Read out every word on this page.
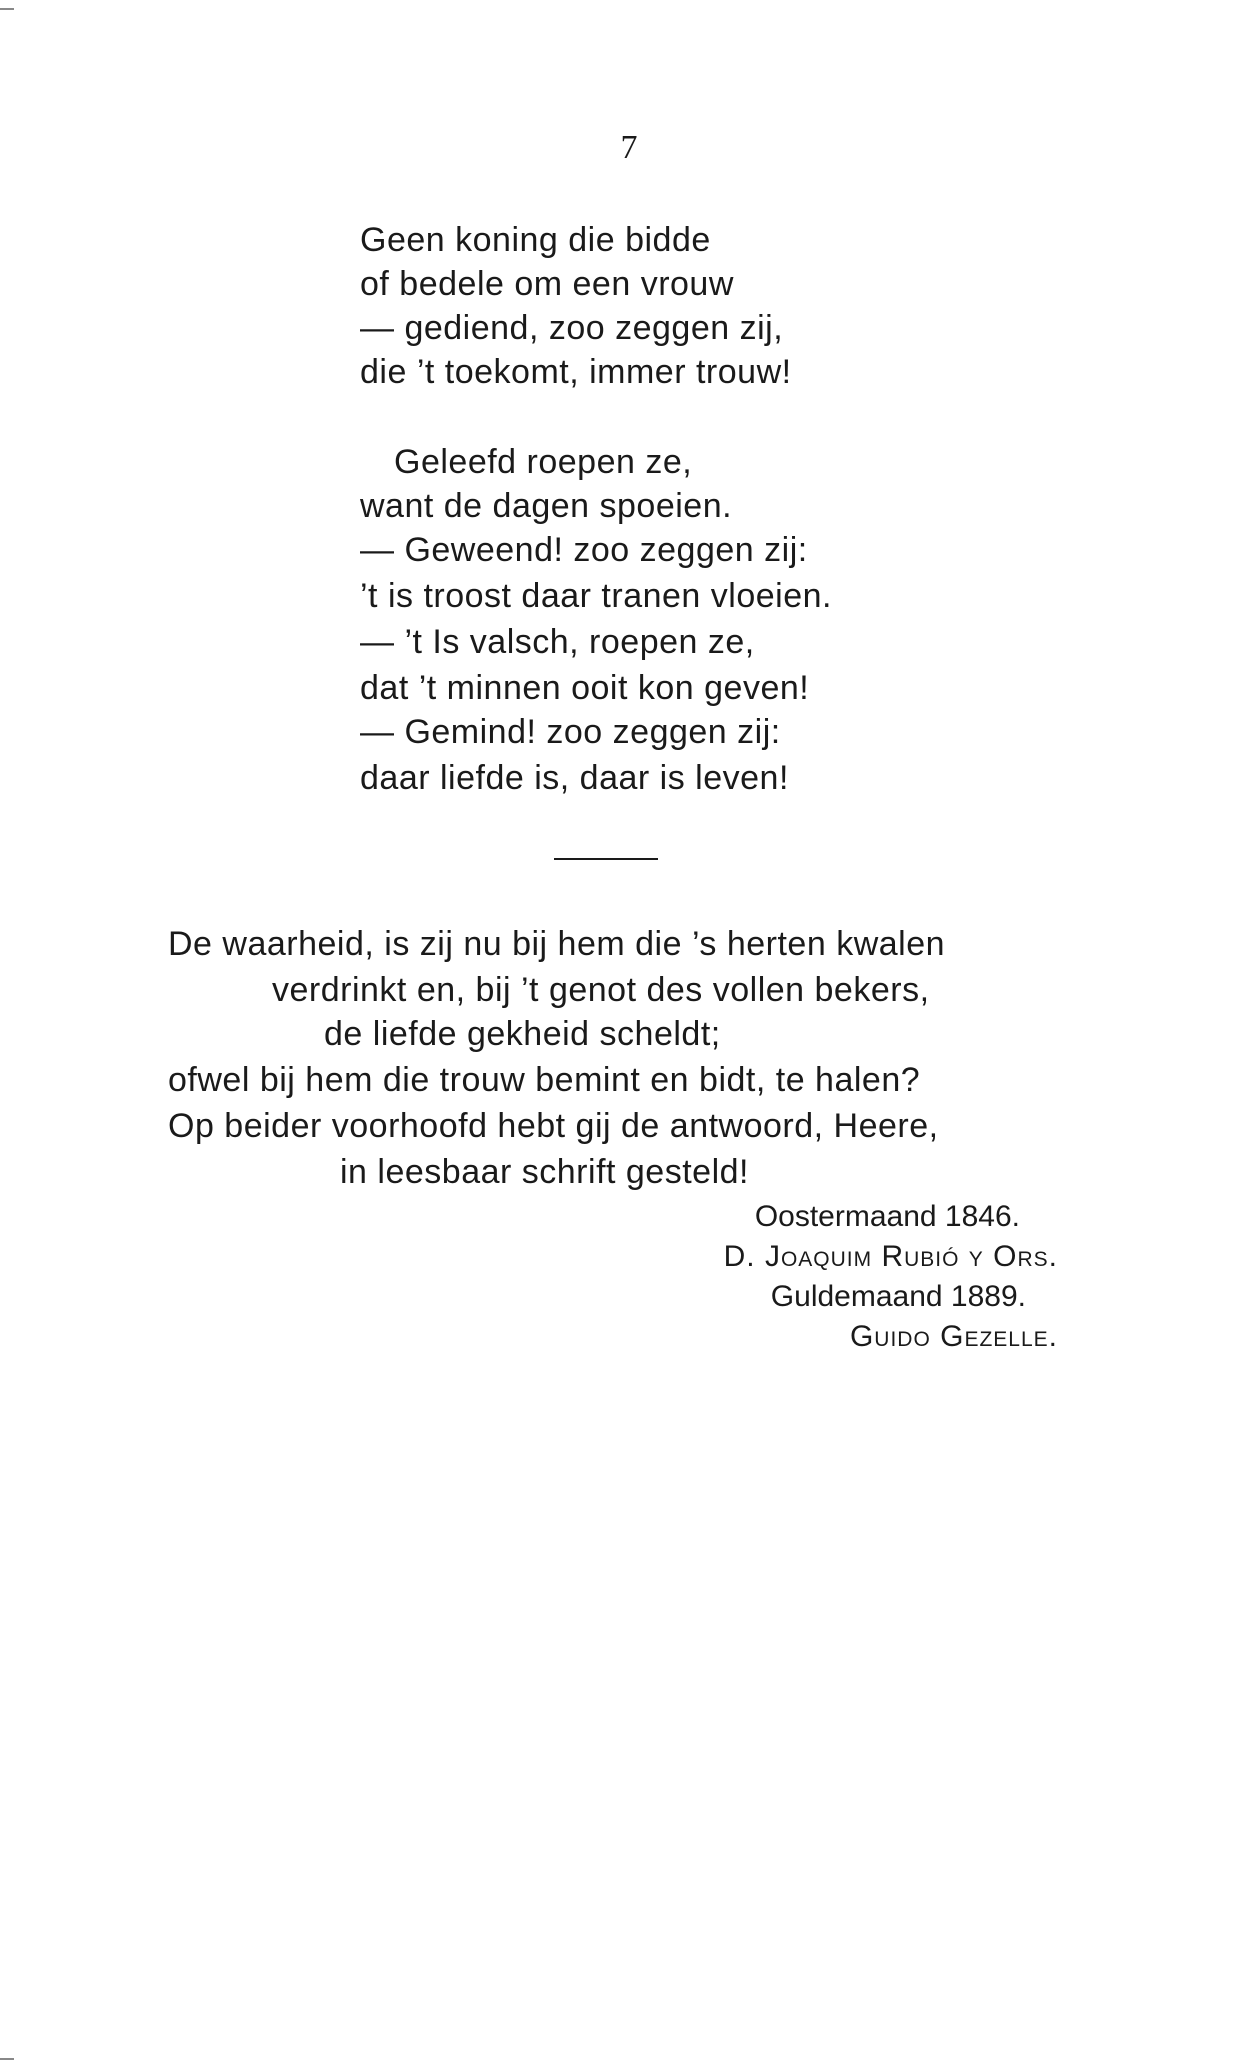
7
Geen koning die bidde
of bedele om een vrouw
— gediend, zoo zeggen zij,
die ’t toekomt, immer trouw!
Geleefd roepen ze,
want de dagen spoeien.
— Geweend! zoo zeggen zij:
’t is troost daar tranen vloeien.
— ’t Is valsch, roepen ze,
dat ’t minnen ooit kon geven!
— Gemind! zoo zeggen zij:
daar liefde is, daar is leven!
De waarheid, is zij nu bij hem die ’s herten kwalen
verdrinkt en, bij ’t genot des vollen bekers,
de liefde gekheid scheldt;
ofwel bij hem die trouw bemint en bidt, te halen?
Op beider voorhoofd hebt gij de antwoord, Heere,
in leesbaar schrift gesteld!
Oostermaand 1846.
D. Joaquim Rubió y Ors.
Guldemaand 1889.
Guido Gezelle.
